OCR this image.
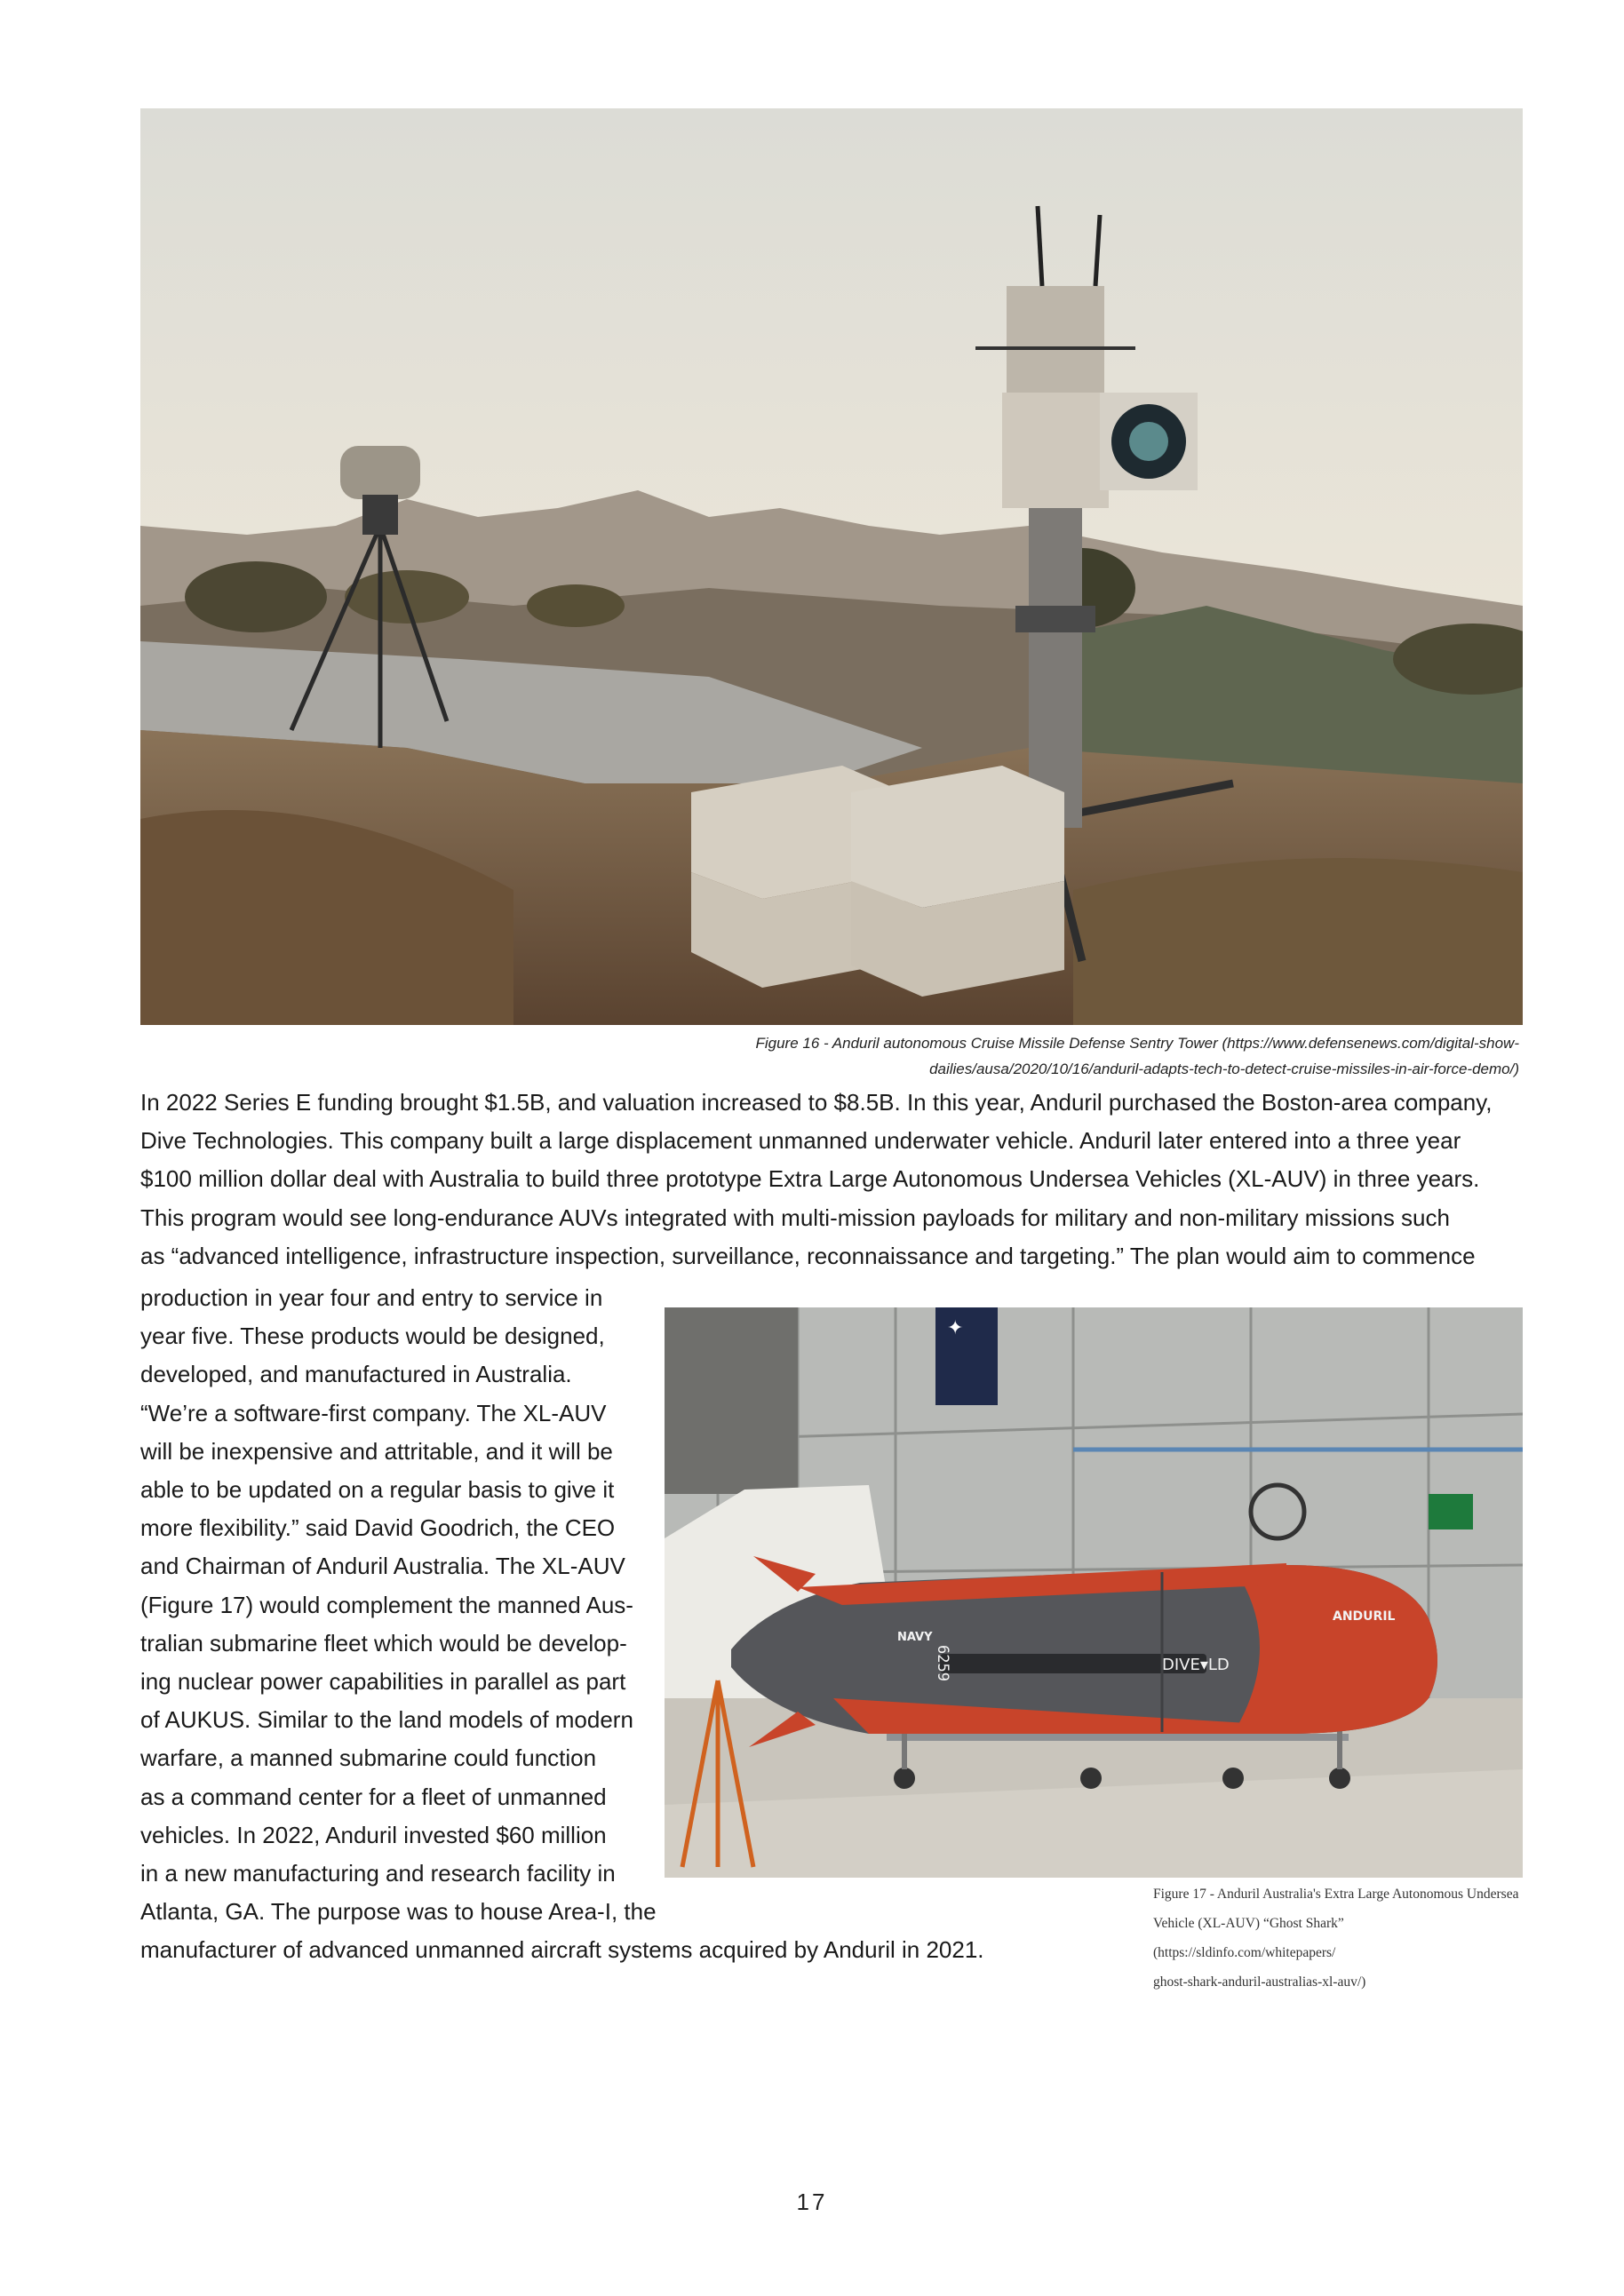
Figure 16 - Anduril autonomous Cruise Missile Defense Sentry Tower (https://www.defensenews.com/digital-show-
dailies/ausa/2020/10/16/anduril-adapts-tech-to-detect-cruise-missiles-in-air-force-demo/)
In 2022 Series E funding brought $1.5B, and valuation increased to $8.5B. In this year, Anduril purchased the Boston-area company,
Dive Technologies. This company built a large displacement unmanned underwater vehicle. Anduril later entered into a three year
$100 million dollar deal with Australia to build three prototype Extra Large Autonomous Undersea Vehicles (XL-AUV) in three years.
This program would see long-endurance AUVs integrated with multi-mission payloads for military and non-military missions such
as “advanced intelligence, infrastructure inspection, surveillance, reconnaissance and targeting.” The plan would aim to commence
production in year four and entry to service in
year five. These products would be designed,
developed, and manufactured in Australia.
“We’re a software-first company. The XL-AUV
will be inexpensive and attritable, and it will be
able to be updated on a regular basis to give it
more flexibility.” said David Goodrich, the CEO
and Chairman of Anduril Australia. The XL-AUV
(Figure 17) would complement the manned Aus-
tralian submarine fleet which would be develop-
ing nuclear power capabilities in parallel as part
of AUKUS. Similar to the land models of modern
warfare, a manned submarine could function
as a command center for a fleet of unmanned
vehicles. In 2022, Anduril invested $60 million
in a new manufacturing and research facility in
Atlanta, GA. The purpose was to house Area-I, the
manufacturer of advanced unmanned aircraft systems acquired by Anduril in 2021.
✦
ANDURIL
DIVE▾LD
NAVY
6259
Figure 17 - Anduril Australia's Extra Large Autonomous Undersea
Vehicle (XL-AUV) “Ghost Shark” (https://sldinfo.com/whitepapers/
ghost-shark-anduril-australias-xl-auv/)
17
